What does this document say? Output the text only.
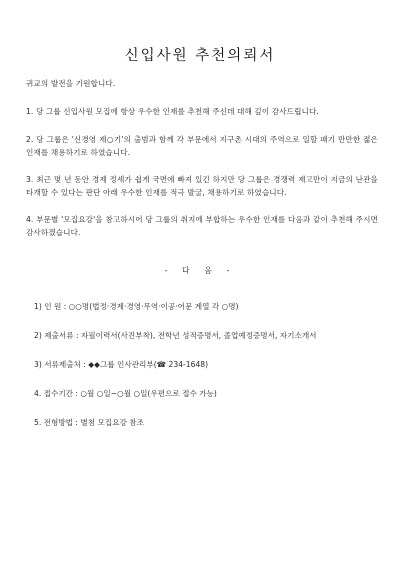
신입사원 추천의뢰서
귀교의 발전을 기원합니다.
1. 당 그룹 신입사원 모집에 항상 우수한 인재를 추천해 주신데 대해 깊이 감사드립니다.
2. 당 그룹은 '신경영 제○기'의 출범과 함께 각 부문에서 지구촌 시대의 주역으로 일할 패기 만만한 젊은 인재를 채용하기로 하였습니다.
3. 최근 몇 년 동안 경제 정세가 쉽게 국면에 빠져 있긴 하지만 당 그룹은 경쟁력 제고만이 지금의 난관을 타개할 수 있다는 판단 아래 우수한 인재를 적극 발굴, 채용하기로 하였습니다.
4. 부문별 '모집요강'을 참고하시어 당 그룹의 취지에 부합하는 우수한 인재를 다음과 같이 추천해 주시면 감사하겠습니다.
- 다 음 -
1) 인 원 : ○○명(법정·경제·경영·무역·이공·어문 계열 각 ○명)
2) 제출서류 : 자필이력서(사진부착), 전학년 성적증명서, 졸업예정증명서, 자기소개서
3) 서류제출처 : ◆◆그룹 인사관리부(☎ 234-1648)
4. 접수기간 : ○월 ○일~○월 ○일(우편으로 접수 가능)
5. 전형방법 : 별첨 모집요강 참조
